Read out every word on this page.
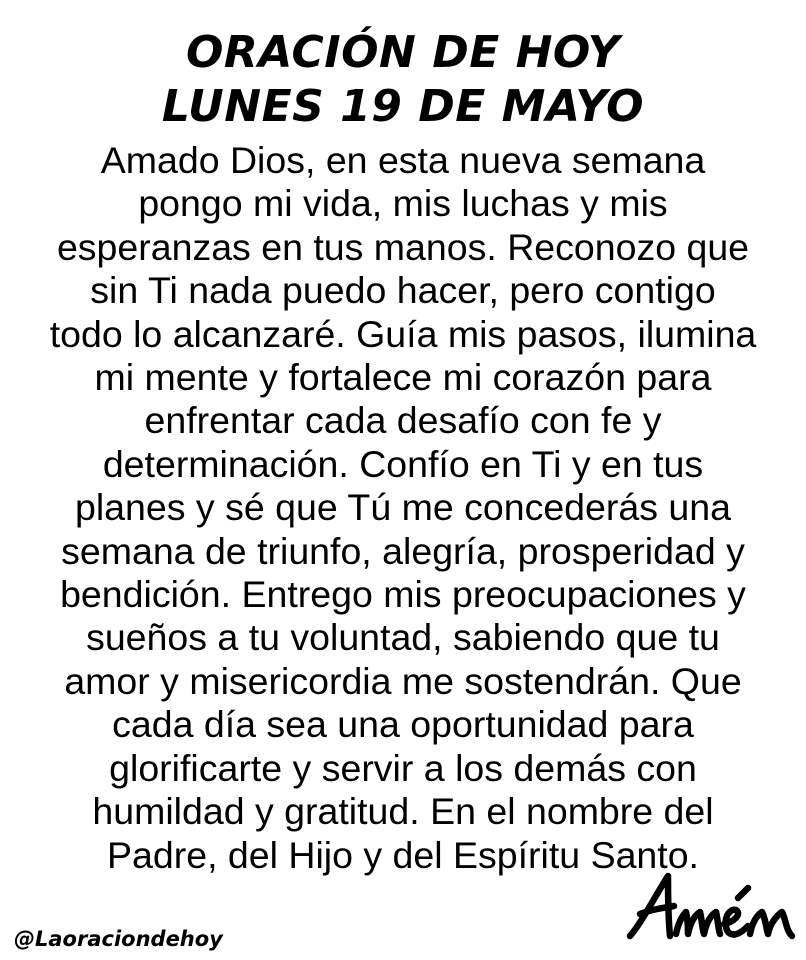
ORACIÓN DE HOY
LUNES 19 DE MAYO
Amado Dios, en esta nueva semana
pongo mi vida, mis luchas y mis
esperanzas en tus manos. Reconozo que
sin Ti nada puedo hacer, pero contigo
todo lo alcanzaré. Guía mis pasos, ilumina
mi mente y fortalece mi corazón para
enfrentar cada desafío con fe y
determinación. Confío en Ti y en tus
planes y sé que Tú me concederás una
semana de triunfo, alegría, prosperidad y
bendición. Entrego mis preocupaciones y
sueños a tu voluntad, sabiendo que tu
amor y misericordia me sostendrán. Que
cada día sea una oportunidad para
glorificarte y servir a los demás con
humildad y gratitud. En el nombre del
Padre, del Hijo y del Espíritu Santo.
@Laoraciondehoy
